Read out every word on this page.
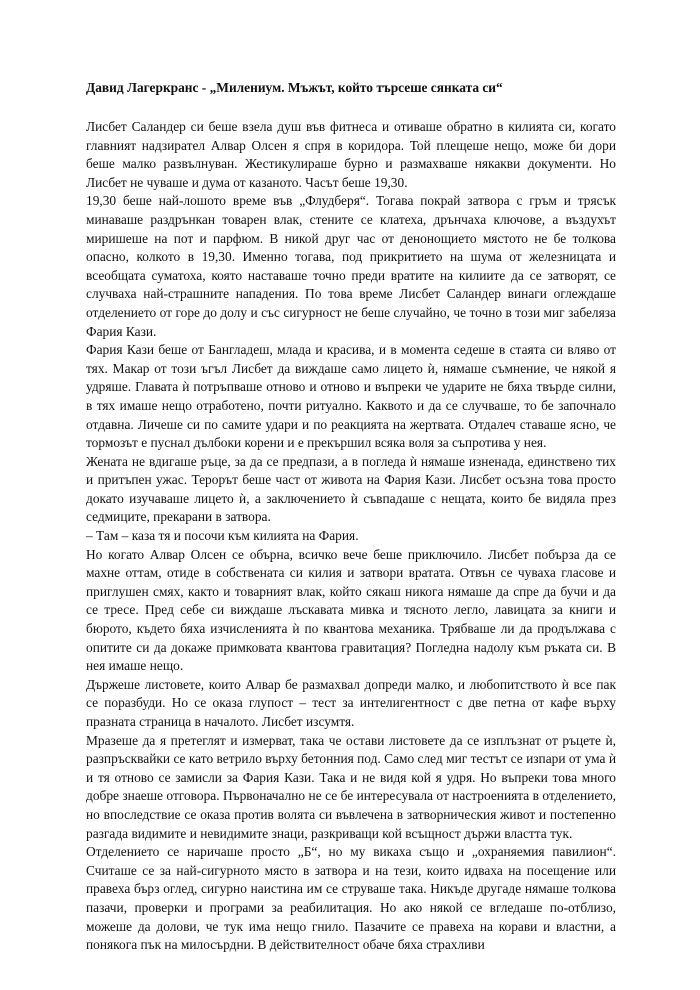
Давид Лагеркранс - „Милениум. Мъжът, който търсеше сянката си“

Лисбет Саландер си беше взела душ във фитнеса и отиваше обратно в килията си, когато главният надзирател Алвар Олсен я спря в коридора. Той плещеше нещо, може би дори беше малко развълнуван. Жестикулираше бурно и размахваше някакви документи. Но Лисбет не чуваше и дума от казаното. Часът беше 19,30.

19,30 беше най-лошото време във „Флудберя“. Тогава покрай затвора с гръм и трясък минаваше раздрънкан товарен влак, стените се клатеха, дрънчаха ключове, а въздухът миришеше на пот и парфюм. В никой друг час от денонощието мястото не бе толкова опасно, колкото в 19,30. Именно тогава, под прикритието на шума от железницата и всеобщата суматоха, която наставаше точно преди вратите на килиите да се затворят, се случваха най-страшните нападения. По това време Лисбет Саландер винаги оглеждаше отделението от горе до долу и със сигурност не беше случайно, че точно в този миг забеляза Фария Кази.

Фария Кази беше от Бангладеш, млада и красива, и в момента седеше в стаята си вляво от тях. Макар от този ъгъл Лисбет да виждаше само лицето ѝ, нямаше съмнение, че някой я удряше. Главата ѝ потръпваше отново и отново и въпреки че ударите не бяха твърде силни, в тях имаше нещо отработено, почти ритуално. Каквото и да се случваше, то бе започнало отдавна. Личеше си по самите удари и по реакцията на жертвата. Отдалеч ставаше ясно, че тормозът е пуснал дълбоки корени и е прекършил всяка воля за съпротива у нея.

Жената не вдигаше ръце, за да се предпази, а в погледа ѝ нямаше изненада, единствено тих и притъпен ужас. Терорът беше част от живота на Фария Кази. Лисбет осъзна това просто докато изучаваше лицето ѝ, а заключението ѝ съвпадаше с нещата, които бе видяла през седмиците, прекарани в затвора.

– Там – каза тя и посочи към килията на Фария.

Но когато Алвар Олсен се обърна, всичко вече беше приключило. Лисбет побърза да се махне оттам, отиде в собствената си килия и затвори вратата. Отвън се чуваха гласове и приглушен смях, както и товарният влак, който сякаш никога нямаше да спре да бучи и да се тресе. Пред себе си виждаше лъскавата мивка и тясното легло, лавицата за книги и бюрото, където бяха изчисленията ѝ по квантова механика. Трябваше ли да продължава с опитите си да докаже примковата квантова гравитация? Погледна надолу към ръката си. В нея имаше нещо.

Държеше листовете, които Алвар бе размахвал допреди малко, и любопитството ѝ все пак се поразбуди. Но се оказа глупост – тест за интелигентност с две петна от кафе върху празната страница в началото. Лисбет изсумтя.

Мразеше да я претеглят и измерват, така че остави листовете да се изплъзнат от ръцете ѝ, разпръсквайки се като ветрило върху бетонния под. Само след миг тестът се изпари от ума ѝ и тя отново се замисли за Фария Кази. Така и не видя кой я удря. Но въпреки това много добре знаеше отговора. Първоначално не се бе интересувала от настроенията в отделението, но впоследствие се оказа против волята си въвлечена в затворническия живот и постепенно разгада видимите и невидимите знаци, разкриващи кой всъщност държи властта тук.

Отделението се наричаше просто „Б“, но му викаха също и „охраняемия павилион“. Считаше се за най-сигурното място в затвора и на тези, които идваха на посещение или правеха бърз оглед, сигурно наистина им се струваше така. Никъде другаде нямаше толкова пазачи, проверки и програми за реабилитация. Но ако някой се вгледаше по-отблизо, можеше да долови, че тук има нещо гнило. Пазачите се правеха на корави и властни, а понякога пък на милосърдни. В действителност обаче бяха страхливи
